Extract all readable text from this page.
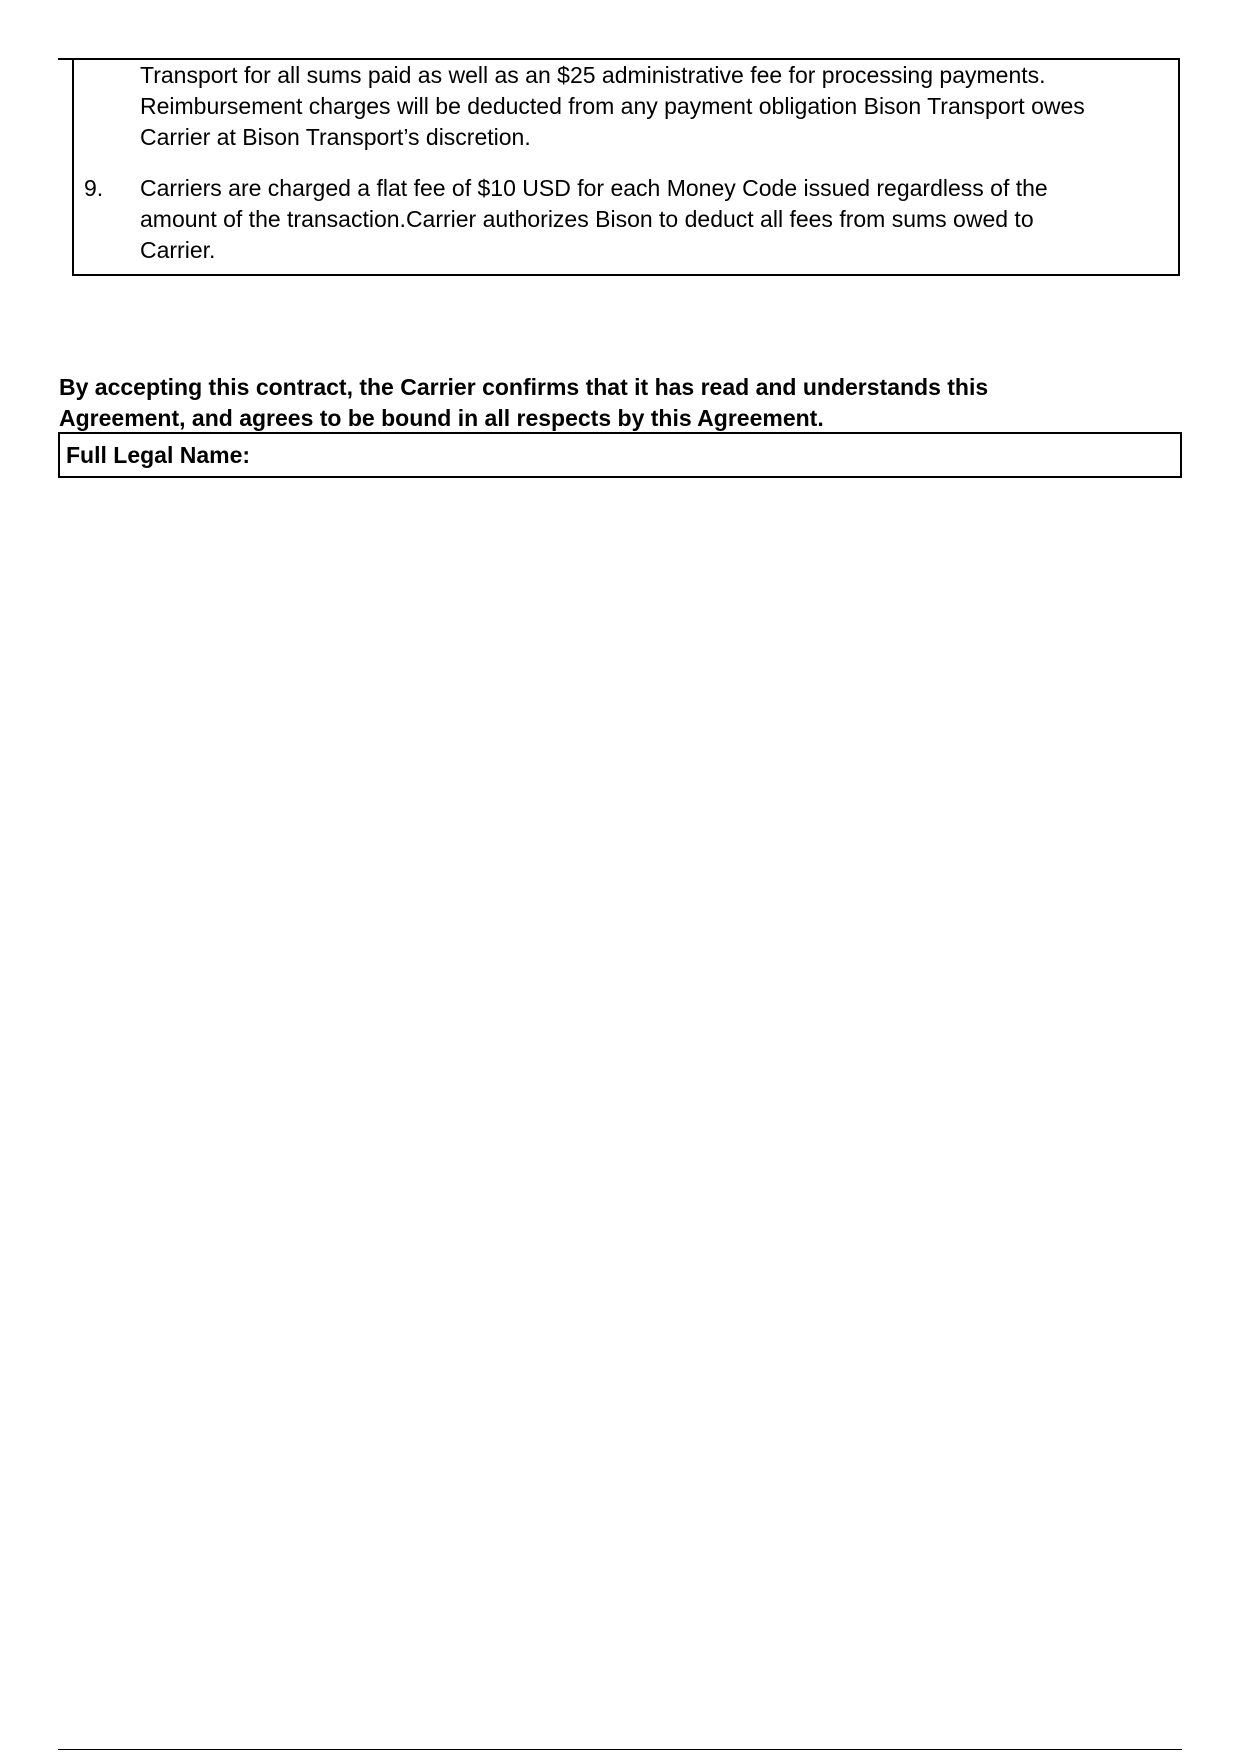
Transport for all sums paid as well as an $25 administrative fee for processing payments.
Reimbursement charges will be deducted from any payment obligation Bison Transport owes
Carrier at Bison Transport’s discretion.
9. Carriers are charged a flat fee of $10 USD for each Money Code issued regardless of the
amount of the transaction.Carrier authorizes Bison to deduct all fees from sums owed to
Carrier.
By accepting this contract, the Carrier confirms that it has read and understands this
Agreement, and agrees to be bound in all respects by this Agreement.
Full Legal Name:
